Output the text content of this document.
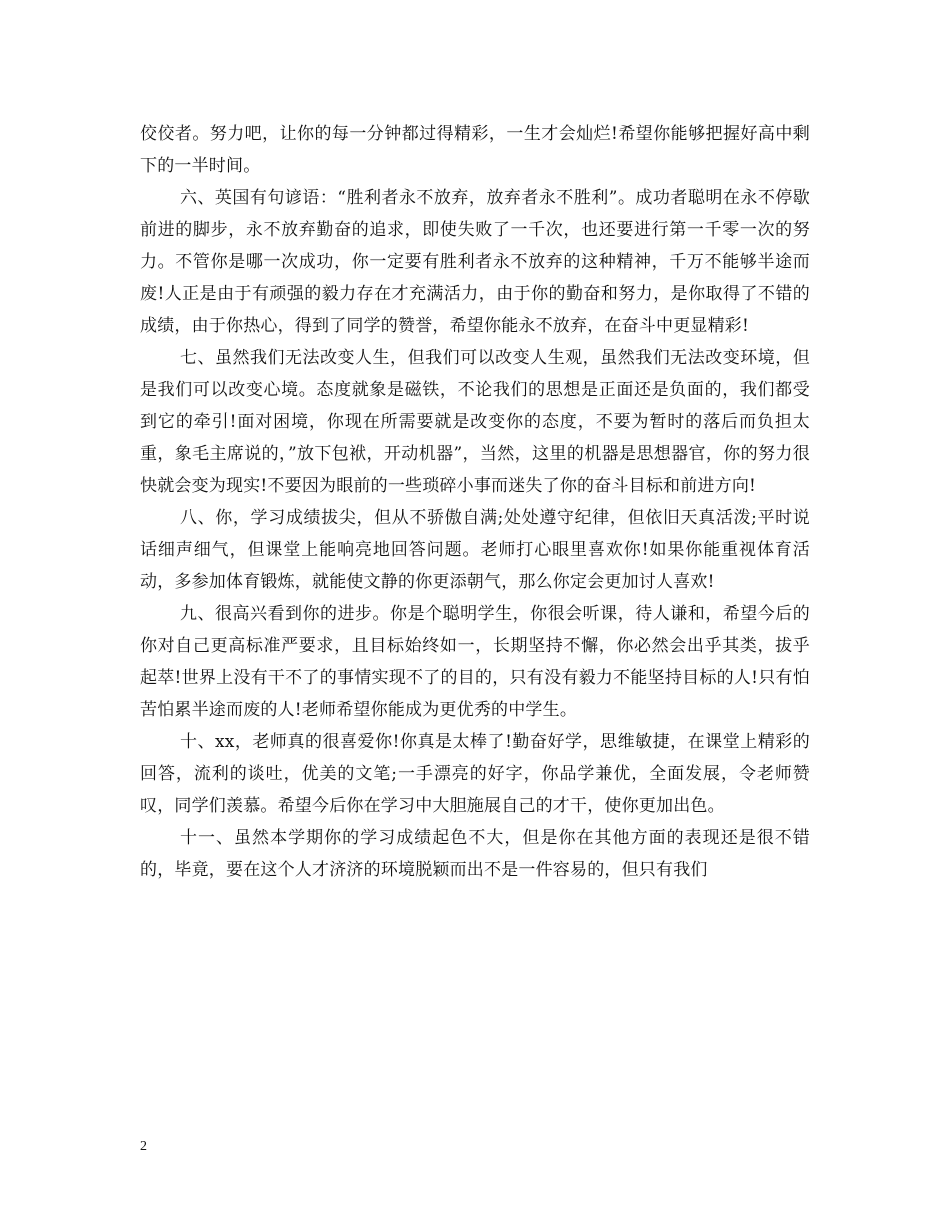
佼佼者。努力吧，让你的每一分钟都过得精彩，一生才会灿烂!希望你能够把握好高中剩下的一半时间。

六、英国有句谚语：“胜利者永不放弃，放弃者永不胜利”。成功者聪明在永不停歇前进的脚步，永不放弃勤奋的追求，即使失败了一千次，也还要进行第一千零一次的努力。不管你是哪一次成功，你一定要有胜利者永不放弃的这种精神，千万不能够半途而废!人正是由于有顽强的毅力存在才充满活力，由于你的勤奋和努力，是你取得了不错的成绩，由于你热心，得到了同学的赞誉，希望你能永不放弃，在奋斗中更显精彩!

七、虽然我们无法改变人生，但我们可以改变人生观，虽然我们无法改变环境，但是我们可以改变心境。态度就象是磁铁，不论我们的思想是正面还是负面的，我们都受到它的牵引!面对困境，你现在所需要就是改变你的态度，不要为暂时的落后而负担太重，象毛主席说的，”放下包袱，开动机器”，当然，这里的机器是思想器官，你的努力很快就会变为现实!不要因为眼前的一些琐碎小事而迷失了你的奋斗目标和前进方向!

八、你，学习成绩拔尖，但从不骄傲自满;处处遵守纪律，但依旧天真活泼;平时说话细声细气，但课堂上能响亮地回答问题。老师打心眼里喜欢你!如果你能重视体育活动，多参加体育锻炼，就能使文静的你更添朝气，那么你定会更加讨人喜欢!

九、很高兴看到你的进步。你是个聪明学生，你很会听课，待人谦和，希望今后的你对自己更高标准严要求，且目标始终如一，长期坚持不懈，你必然会出乎其类，拔乎起萃!世界上没有干不了的事情实现不了的目的，只有没有毅力不能坚持目标的人!只有怕苦怕累半途而废的人!老师希望你能成为更优秀的中学生。

十、xx，老师真的很喜爱你!你真是太棒了!勤奋好学，思维敏捷，在课堂上精彩的回答，流利的谈吐，优美的文笔;一手漂亮的好字，你品学兼优，全面发展，令老师赞叹，同学们羡慕。希望今后你在学习中大胆施展自己的才干，使你更加出色。

十一、虽然本学期你的学习成绩起色不大，但是你在其他方面的表现还是很不错的，毕竟，要在这个人才济济的环境脱颖而出不是一件容易的，但只有我们

2
